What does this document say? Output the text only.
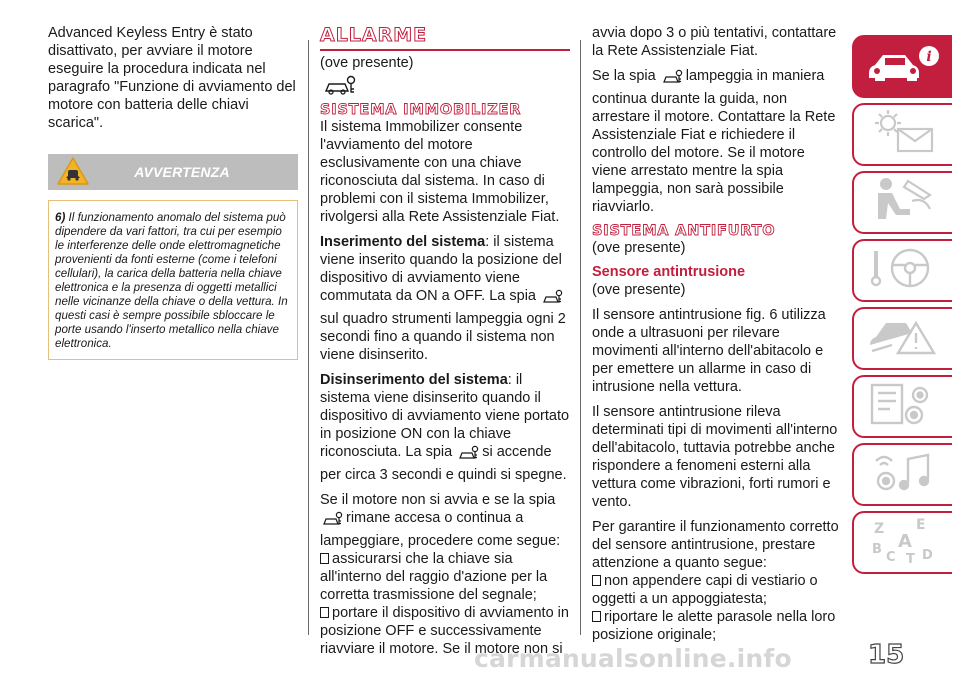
Advanced Keyless Entry è stato disattivato, per avviare il motore eseguire la procedura indicata nel paragrafo "Funzione di avviamento del motore con batteria delle chiavi scarica".

AVVERTENZA
6) Il funzionamento anomalo del sistema può dipendere da vari fattori, tra cui per esempio le interferenze delle onde elettromagnetiche provenienti da fonti esterne (come i telefoni cellulari), la carica della batteria nella chiave elettronica e la presenza di oggetti metallici nelle vicinanze della chiave o della vettura. In questi casi è sempre possibile sbloccare le porte usando l'inserto metallico nella chiave elettronica.
ALLARME

(ove presente)

SISTEMA IMMOBILIZER

Il sistema Immobilizer consente l'avviamento del motore esclusivamente con una chiave riconosciuta dal sistema. In caso di problemi con il sistema Immobilizer, rivolgersi alla Rete Assistenziale Fiat.

Inserimento del sistema: il sistema viene inserito quando la posizione del dispositivo di avviamento viene commutata da ON a OFF. La spia sul quadro strumenti lampeggia ogni 2 secondi fino a quando il sistema non viene disinserito.

Disinserimento del sistema: il sistema viene disinserito quando il dispositivo di avviamento viene portato in posizione ON con la chiave riconosciuta. La spia si accende per circa 3 secondi e quindi si spegne.

Se il motore non si avvia e se la spia rimane accesa o continua a lampeggiare, procedere come segue:

assicurarsi che la chiave sia all'interno del raggio d'azione per la corretta trasmissione del segnale;

portare il dispositivo di avviamento in posizione OFF e successivamente riavviare il motore. Se il motore non si

avvia dopo 3 o più tentativi, contattare la Rete Assistenziale Fiat.

Se la spia lampeggia in maniera continua durante la guida, non arrestare il motore. Contattare la Rete Assistenziale Fiat e richiedere il controllo del motore. Se il motore viene arrestato mentre la spia lampeggia, non sarà possibile riavviarlo.

SISTEMA ANTIFURTO

(ove presente)

Sensore antintrusione

(ove presente)

Il sensore antintrusione fig. 6 utilizza onde a ultrasuoni per rilevare movimenti all'interno dell'abitacolo e per emettere un allarme in caso di intrusione nella vettura.

Il sensore antintrusione rileva determinati tipi di movimenti all'interno dell'abitacolo, tuttavia potrebbe anche rispondere a fenomeni esterni alla vettura come vibrazioni, forti rumori e vento.

Per garantire il funzionamento corretto del sensore antintrusione, prestare attenzione a quanto segue:

non appendere capi di vestiario o oggetti a un appoggiatesta;

riportare le alette parasole nella loro posizione originale;

i
Z E
A
B
C T D
carmanualsonline.info	15
